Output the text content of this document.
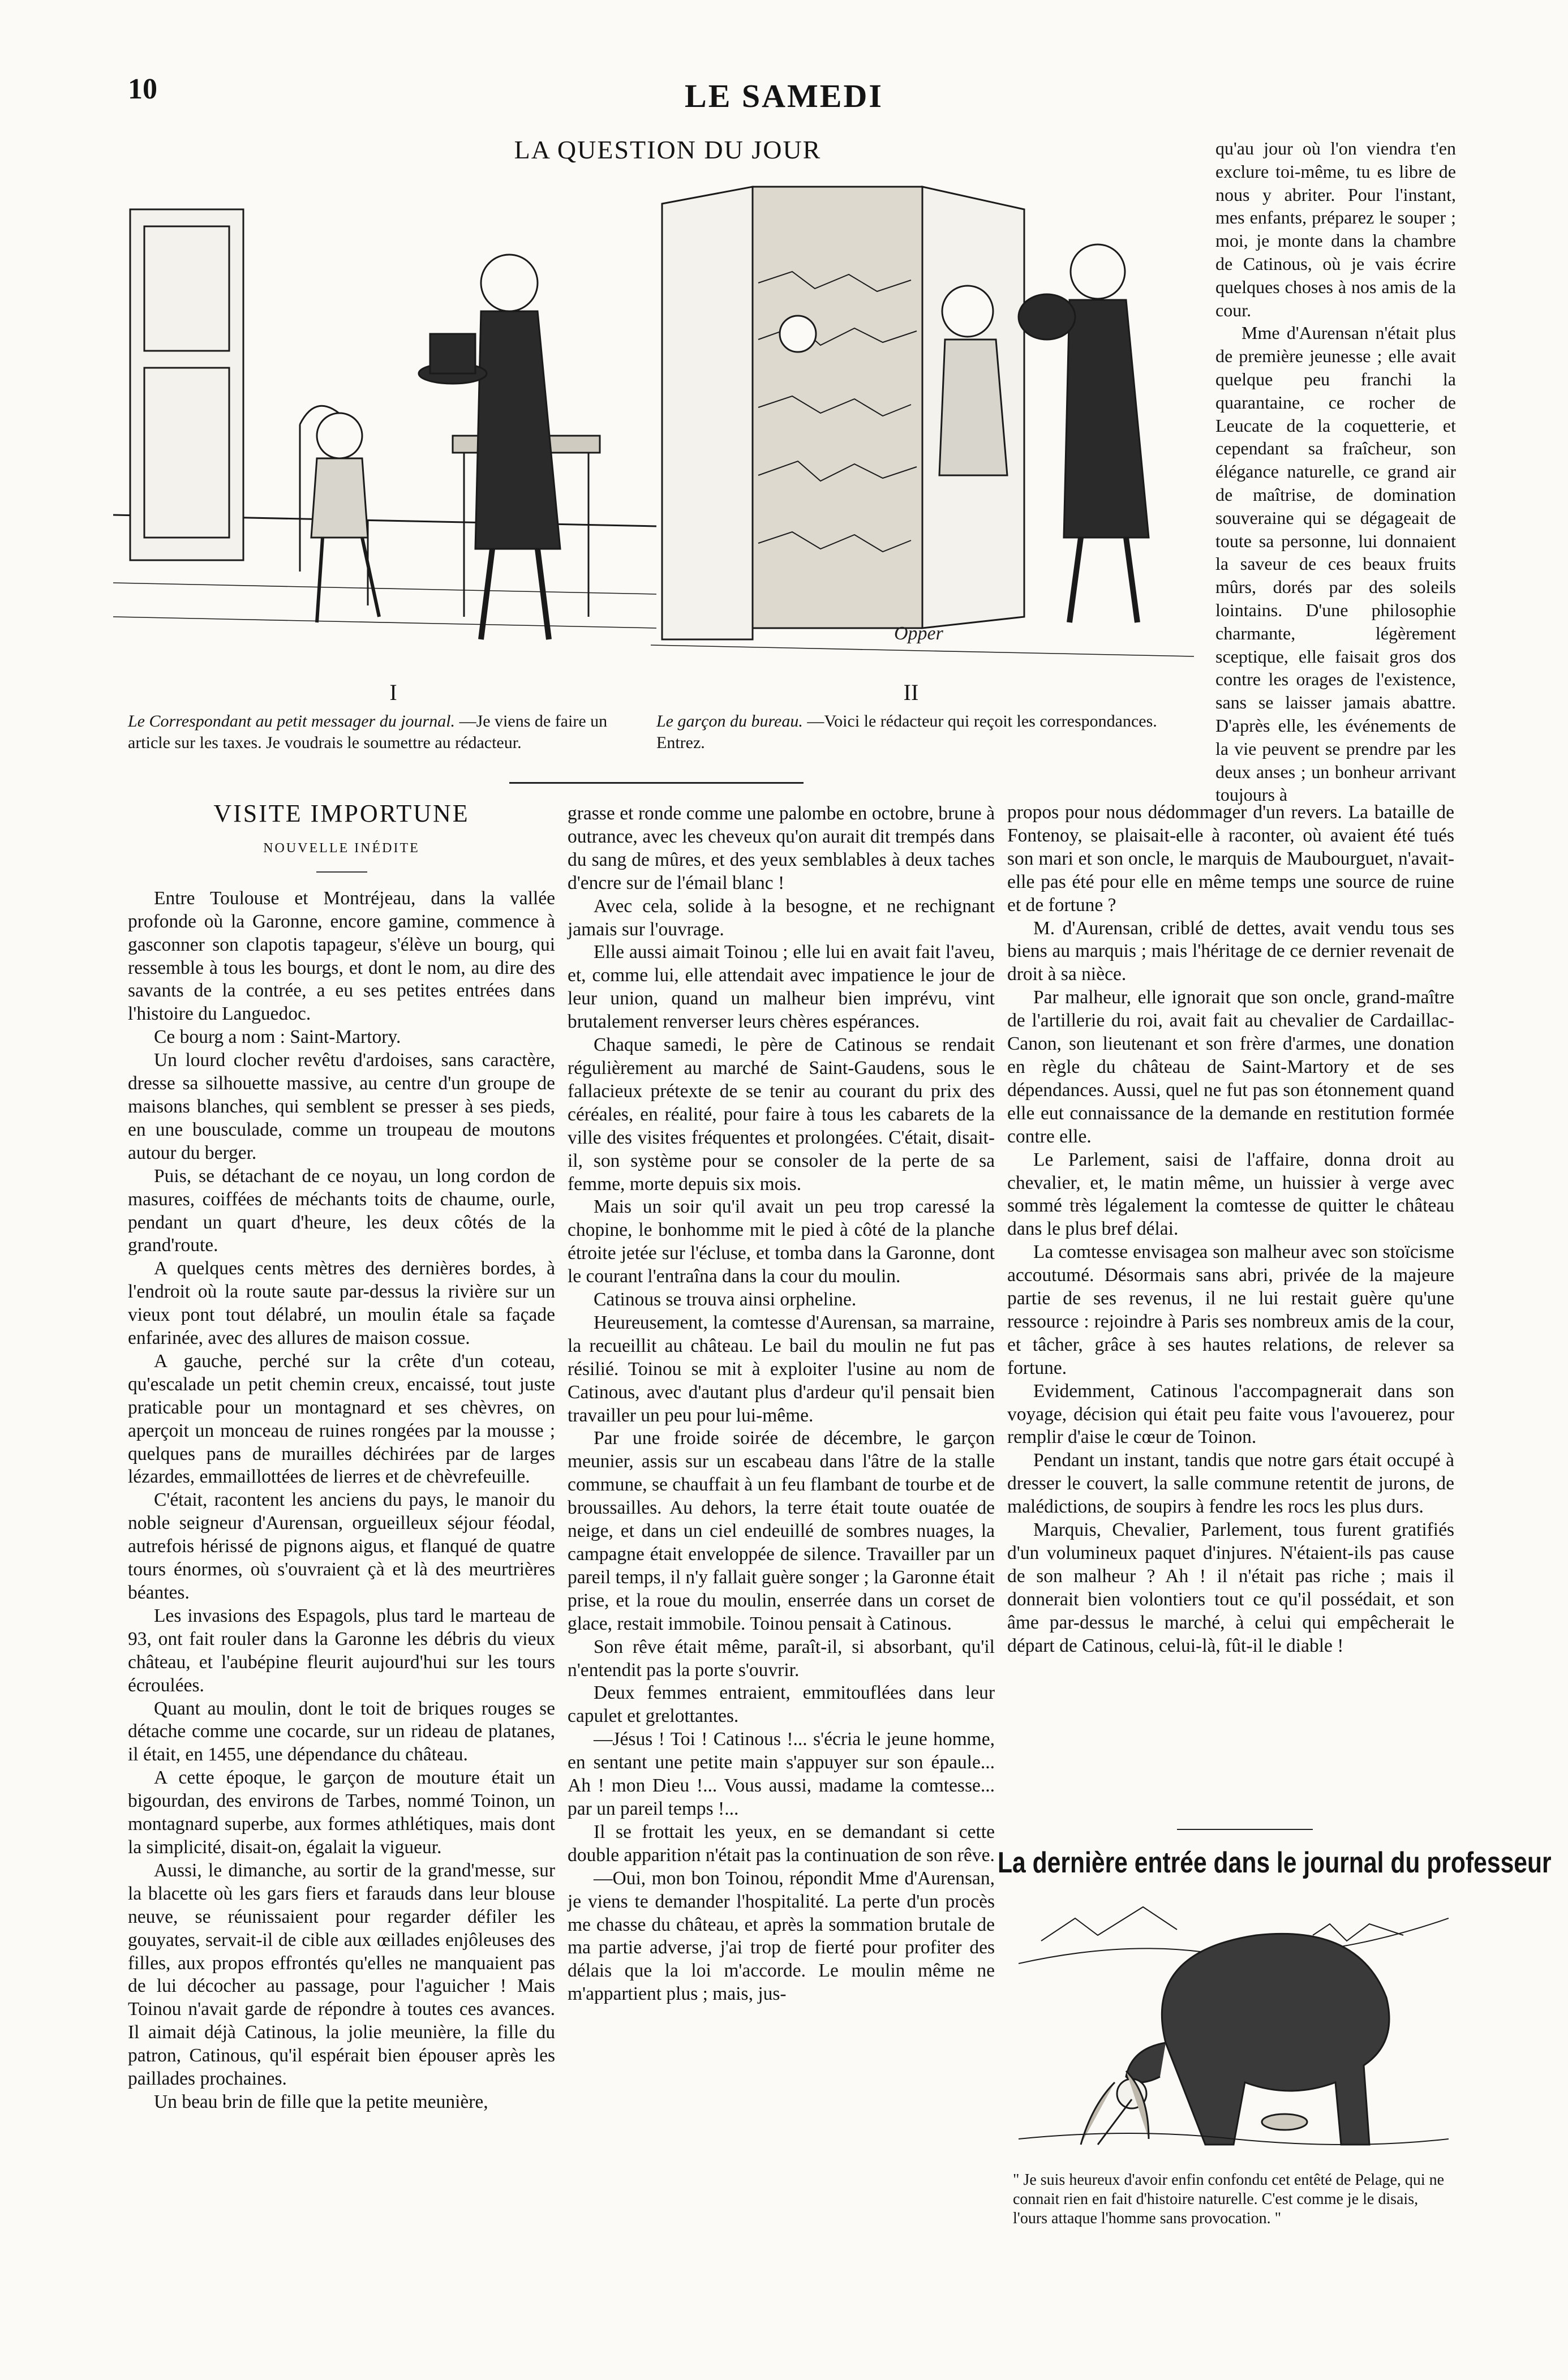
10	LE SAMEDI
LA QUESTION DU JOUR
Opper
I	II
Le Correspondant au petit messager du journal. —Je viens de faire un article sur les taxes. Je voudrais le soumettre au rédacteur.
Le garçon du bureau. —Voici le rédacteur qui reçoit les correspondances. Entrez.
VISITE IMPORTUNE
NOUVELLE INÉDITE

Entre Toulouse et Montréjeau, dans la vallée profonde où la Garonne, encore gamine, commence à gasconner son clapotis tapageur, s'élève un bourg, qui ressemble à tous les bourgs, et dont le nom, au dire des savants de la contrée, a eu ses petites entrées dans l'histoire du Languedoc.

Ce bourg a nom : Saint-Martory.

Un lourd clocher revêtu d'ardoises, sans caractère, dresse sa silhouette massive, au centre d'un groupe de maisons blanches, qui semblent se presser à ses pieds, en une bousculade, comme un troupeau de moutons autour du berger.

Puis, se détachant de ce noyau, un long cordon de masures, coiffées de méchants toits de chaume, ourle, pendant un quart d'heure, les deux côtés de la grand'route.

A quelques cents mètres des dernières bordes, à l'endroit où la route saute par-dessus la rivière sur un vieux pont tout délabré, un moulin étale sa façade enfarinée, avec des allures de maison cossue.

A gauche, perché sur la crête d'un coteau, qu'escalade un petit chemin creux, encaissé, tout juste praticable pour un montagnard et ses chèvres, on aperçoit un monceau de ruines rongées par la mousse ; quelques pans de murailles déchirées par de larges lézardes, emmaillottées de lierres et de chèvrefeuille.

C'était, racontent les anciens du pays, le manoir du noble seigneur d'Aurensan, orgueilleux séjour féodal, autrefois hérissé de pignons aigus, et flanqué de quatre tours énormes, où s'ouvraient çà et là des meurtrières béantes.

Les invasions des Espagols, plus tard le marteau de 93, ont fait rouler dans la Garonne les débris du vieux château, et l'aubépine fleurit aujourd'hui sur les tours écroulées.

Quant au moulin, dont le toit de briques rouges se détache comme une cocarde, sur un rideau de platanes, il était, en 1455, une dépendance du château.

A cette époque, le garçon de mouture était un bigourdan, des environs de Tarbes, nommé Toinon, un montagnard superbe, aux formes athlétiques, mais dont la simplicité, disait-on, égalait la vigueur.

Aussi, le dimanche, au sortir de la grand'messe, sur la blacette où les gars fiers et farauds dans leur blouse neuve, se réunissaient pour regarder défiler les gouyates, servait-il de cible aux œillades enjôleuses des filles, aux propos effrontés qu'elles ne manquaient pas de lui décocher au passage, pour l'aguicher ! Mais Toinou n'avait garde de répondre à toutes ces avances. Il aimait déjà Catinous, la jolie meunière, la fille du patron, Catinous, qu'il espérait bien épouser après les paillades prochaines.

Un beau brin de fille que la petite meunière,

grasse et ronde comme une palombe en octobre, brune à outrance, avec les cheveux qu'on aurait dit trempés dans du sang de mûres, et des yeux semblables à deux taches d'encre sur de l'émail blanc !

Avec cela, solide à la besogne, et ne rechignant jamais sur l'ouvrage.

Elle aussi aimait Toinou ; elle lui en avait fait l'aveu, et, comme lui, elle attendait avec impatience le jour de leur union, quand un malheur bien imprévu, vint brutalement renverser leurs chères espérances.

Chaque samedi, le père de Catinous se rendait régulièrement au marché de Saint-Gaudens, sous le fallacieux prétexte de se tenir au courant du prix des céréales, en réalité, pour faire à tous les cabarets de la ville des visites fréquentes et prolongées. C'était, disait-il, son système pour se consoler de la perte de sa femme, morte depuis six mois.

Mais un soir qu'il avait un peu trop caressé la chopine, le bonhomme mit le pied à côté de la planche étroite jetée sur l'écluse, et tomba dans la Garonne, dont le courant l'entraîna dans la cour du moulin.

Catinous se trouva ainsi orpheline.

Heureusement, la comtesse d'Aurensan, sa marraine, la recueillit au château. Le bail du moulin ne fut pas résilié. Toinou se mit à exploiter l'usine au nom de Catinous, avec d'autant plus d'ardeur qu'il pensait bien travailler un peu pour lui-même.

Par une froide soirée de décembre, le garçon meunier, assis sur un escabeau dans l'âtre de la stalle commune, se chauffait à un feu flambant de tourbe et de broussailles. Au dehors, la terre était toute ouatée de neige, et dans un ciel endeuillé de sombres nuages, la campagne était enveloppée de silence. Travailler par un pareil temps, il n'y fallait guère songer ; la Garonne était prise, et la roue du moulin, enserrée dans un corset de glace, restait immobile. Toinou pensait à Catinous.

Son rêve était même, paraît-il, si absorbant, qu'il n'entendit pas la porte s'ouvrir.

Deux femmes entraient, emmitouflées dans leur capulet et grelottantes.

—Jésus ! Toi ! Catinous !... s'écria le jeune homme, en sentant une petite main s'appuyer sur son épaule... Ah ! mon Dieu !... Vous aussi, madame la comtesse... par un pareil temps !...

Il se frottait les yeux, en se demandant si cette double apparition n'était pas la continuation de son rêve.

—Oui, mon bon Toinou, répondit Mme d'Aurensan, je viens te demander l'hospitalité. La perte d'un procès me chasse du château, et après la sommation brutale de ma partie adverse, j'ai trop de fierté pour profiter des délais que la loi m'accorde. Le moulin même ne m'appartient plus ; mais, jus-

qu'au jour où l'on viendra t'en exclure toi-même, tu es libre de nous y abriter. Pour l'instant, mes enfants, préparez le souper ; moi, je monte dans la chambre de Catinous, où je vais écrire quelques choses à nos amis de la cour.

Mme d'Aurensan n'était plus de première jeunesse ; elle avait quelque peu franchi la quarantaine, ce rocher de Leucate de la coquetterie, et cependant sa fraîcheur, son élégance naturelle, ce grand air de maîtrise, de domination souveraine qui se dégageait de toute sa personne, lui donnaient la saveur de ces beaux fruits mûrs, dorés par des soleils lointains. D'une philosophie charmante, légèrement sceptique, elle faisait gros dos contre les orages de l'existence, sans se laisser jamais abattre. D'après elle, les événements de la vie peuvent se prendre par les deux anses ; un bonheur arrivant toujours à

propos pour nous dédommager d'un revers. La bataille de Fontenoy, se plaisait-elle à raconter, où avaient été tués son mari et son oncle, le marquis de Maubourguet, n'avait-elle pas été pour elle en même temps une source de ruine et de fortune ?

M. d'Aurensan, criblé de dettes, avait vendu tous ses biens au marquis ; mais l'héritage de ce dernier revenait de droit à sa nièce.

Par malheur, elle ignorait que son oncle, grand-maître de l'artillerie du roi, avait fait au chevalier de Cardaillac-Canon, son lieutenant et son frère d'armes, une donation en règle du château de Saint-Martory et de ses dépendances. Aussi, quel ne fut pas son étonnement quand elle eut connaissance de la demande en restitution formée contre elle.

Le Parlement, saisi de l'affaire, donna droit au chevalier, et, le matin même, un huissier à verge avec sommé très légalement la comtesse de quitter le château dans le plus bref délai.

La comtesse envisagea son malheur avec son stoïcisme accoutumé. Désormais sans abri, privée de la majeure partie de ses revenus, il ne lui restait guère qu'une ressource : rejoindre à Paris ses nombreux amis de la cour, et tâcher, grâce à ses hautes relations, de relever sa fortune.

Evidemment, Catinous l'accompagnerait dans son voyage, décision qui était peu faite vous l'avouerez, pour remplir d'aise le cœur de Toinon.

Pendant un instant, tandis que notre gars était occupé à dresser le couvert, la salle commune retentit de jurons, de malédictions, de soupirs à fendre les rocs les plus durs.

Marquis, Chevalier, Parlement, tous furent gratifiés d'un volumineux paquet d'injures. N'étaient-ils pas cause de son malheur ? Ah ! il n'était pas riche ; mais il donnerait bien volontiers tout ce qu'il possédait, et son âme par-dessus le marché, à celui qui empêcherait le départ de Catinous, celui-là, fût-il le diable !

La dernière entrée dans le journal du professeur
" Je suis heureux d'avoir enfin confondu cet entêté de Pelage, qui ne connait rien en fait d'histoire naturelle. C'est comme je le disais, l'ours attaque l'homme sans provocation. "
